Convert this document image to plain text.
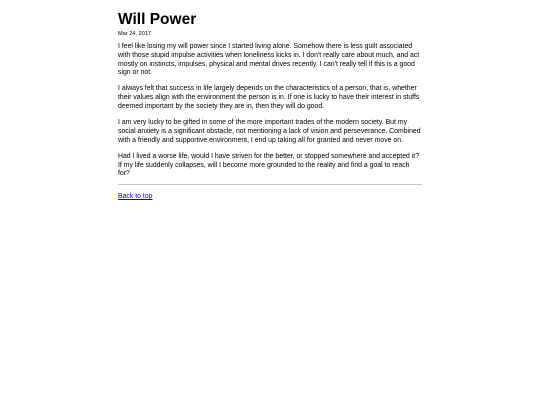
Will Power
Mar 24, 2017

I feel like losing my will power since I started living alone. Somehow there is less guilt associated with those stupid impulse activities when loneliness kicks in. I don't really care about much, and act mostly on instincts, impulses, physical and mental drives recently. I can't really tell if this is a good sign or not.

I always felt that success in life largely depends on the characteristics of a person, that is, whether their values align with the environment the person is in. If one is lucky to have their interest in stuffs deemed important by the society they are in, then they will do good.

I am very lucky to be gifted in some of the more important trades of the modern society. But my social anxiety is a significant obstacle, not mentioning a lack of vision and perseverance. Combined with a friendly and supportive environment, I end up taking all for granted and never move on.

Had I lived a worse life, would I have striven for the better, or stopped somewhere and accepted it? If my life suddenly collapses, will I become more grounded to the reality and find a goal to reach for?

Back to top
